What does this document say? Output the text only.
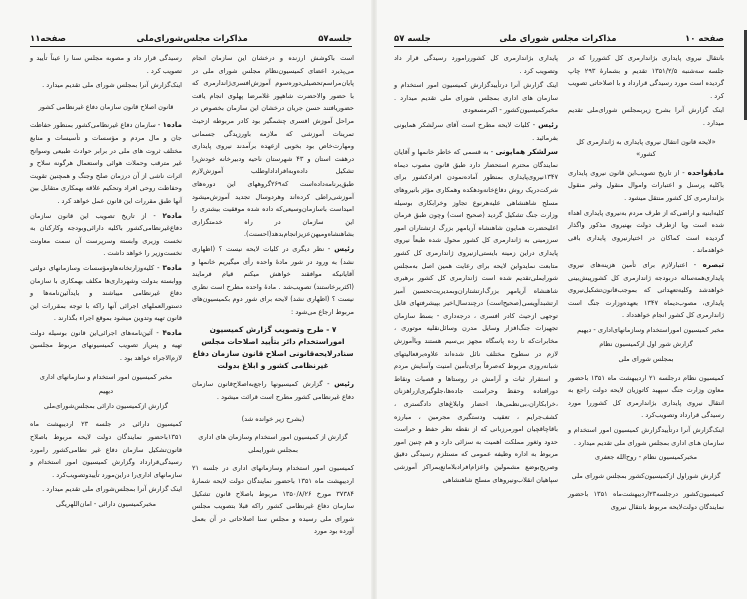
جلسه۵۷
مذاکرات مجلس‌شورای‌ملی
صفحه۱۱

است باکوشش ارزنده و درخشان این سازمان انجام می‌پذیرد اعضای کمیسیون‌نظام مجلس شورای ملی در پایان‌مراسم‌تحصیلی‌دوره‌سوم آموزش‌افسری‌ژاندارمری که با حضور والاحضرت شاهپور غلامرضا پهلوی انجام یافت حضوریافتند حسن جریان درخشان این سازمان بخصوص در مراحل آموزش افسری چشمگیر بود کادر مربوطه ازحیث تمرینات آموزشی که ملازمه باورزیدگی جسمانی ومهارت‌خاص بود بخوبی ازعهده برآمدند نیروی پایداری درهفت استان و ۴۳ شهرستان ناحیه ودبیرخانه خودش‌را تشکیل داده‌وبه‌افراداداوطلب آموزش‌لازم طبق‌برنامه‌داده‌است که۲۶۹گروههای این دوره‌های آموزشی‌راطی کرده‌اند وهردوسال تجدید آموزش‌میشود امیداست باسازمان‌وسیعی‌که داده شده موفقیت بیشتری را این سازمان در راه خدمتگزاری بشاهنشاه‌ومیهن‌عزیزانجام‌بدهد(احسنت).

رئیس - نظر دیگری در کلیات لایحه نیست ؟ (اظهاری نشد) به ورود در شور مادهٔ واحده رأی میگیریم خانمها و آقایانیکه موافقند خواهش میکنم قیام فرمایند (اکثربرخاستند) تصویب‌شد . مادهٔ واحده مطرح است نظری نیست ؟ (اظهاری نشد) لایحه برای شور دوم بکمیسیون‌های مربوط ارجاع می‌شود :

۷ - طرح وتصویب گزارش کمیسیون اموراستخدام دائر بتأیید اصلاحات مجلس سنادرلایحه‌قانونی اصلاح قانون سازمان دفاع غیرنظامی کشور و ابلاغ بدولت

رئیس - گزارش کمیسیونها راجع‌به‌اصلاح‌قانون سازمان دفاع غیرنظامی کشور مطرح است قرائت میشود .

(بشرح زیر خوانده شد)

گزارش از کمیسیون امور استخدام وسازمان های اداری بمجلس شورایملی

کمیسیون امور استخدام وسازمانهای اداری در جلسه ۲۱ اردیبهشت ماه ۱۳۵۱ باحضور نمایندگان دولت لایحه شمارهٔ ۳۷۳۸۴ مورخ ۱۳۵۰/۸/۲۶ مربوط باصلاح قانون تشکیل سازمان دفاع غیرنظامی کشور راکه قبلا بتصویب مجلس شورای ملی رسیده و مجلس سنا اصلاحاتی در آن بعمل آورده بود مورد

رسیدگی قرار داد و مصوبه مجلس سنا را عیناً تأیید و تصویب کرد .

اینک‌گزارش آنرا بمجلس شورای ملی تقدیم میدارد .

قانون اصلاح قانون سازمان دفاع غیرنظامی کشور

ماده۱ - سازمان دفاع غیرنظامی‌کشور بمنظور حفاظت جان و مال مردم و مؤسسات و تأسیسات و منابع مختلف ثروت های ملی در برابر حوادث طبیعی وسوانح غیر مترقب وحملات هوائی واستعمال هرگونه سلاح و اثرات ناشی از آن درزمان صلح وجنگ و همچنین تقویت وحفاظت روحی افراد وتحکیم علاقه بهمکاری متقابل بین آنها طبق مقررات این قانون عمل خواهد کرد .

ماده۲ - از تاریخ تصویب این قانون سازمان دفاع‌غیرنظامی‌کشور باکلیه دارائی‌وبودجه وکارکنان به نخست وزیری وابسته وسرپرست آن سمت معاونت نخست‌وزیر را خواهد داشت .

ماده۳ - کلیه‌وزارتخانه‌هاومؤسسات وسازمانهای دولتی ووابسته بدولت وشهرداری‌ها مکلف بهمکاری با سازمان دفاع غیرنظامی میباشند و باید‌آئین‌نامه‌ها و دستورالعملهای اجرائی آنها راکه با توجه بمقررات این قانون تهیه وتدوین میشود بموقع اجراء بگذارند .

ماده۴ - آئین‌نامه‌های اجرائی‌این قانون بوسیله دولت تهیه و پس‌از تصویب کمیسیونهای مربوط مجلسین لازم‌الاجراء خواهد بود .

مخبر کمیسیون امور استخدام و سازمانهای اداری

دیهیم

گزارش ازکمیسیون دارائی بمجلس‌شورای‌ملی

کمیسیون دارائی در جلسه ۲۳ اردیبهشت ماه ۱۳۵۱باحضور نمایندگان دولت لایحه مربوط باصلاح قانون‌تشکیل سازمان دفاع غیر نظامی‌کشور رامورد رسیدگی‌قرارداد وگزارش کمیسیون امور استخدام و سازمانهای اداری‌را دراین‌مورد تأییدوتصویب‌کرد .

اینک گزارش آنرا بمجلس‌شورای ملی تقدیم میدارد .

مخبرکمیسیون دارائی - امان‌اللهریگی

صفحه ۱۰
مذاکرات مجلس شورای ملی
جلسه ۵۷

بانتقال نیروی پایداری بژاندارمری کل کشوررا که در جلسه سه‌شنبه ۱۳۵۱/۲/۵ تقدیم و بشمارهٔ ۲۹۳ چاپ گردیده است مورد رسیدگی قرارداد و با اصلاحاتی تصویب کرد .

اینک گزارش آنرا بشرح زیربمجلس شورای‌ملی تقدیم میدارد .

«لایحه قانون انتقال نیروی پایداری به ژاندارمری کل کشور»

مادهٔواحده - از تاریخ تصویب‌این قانون نیروی پایداری باکلیه پرسنل و اعتبارات واموال منقول وغیر منقول بژاندارمری کل کشور منتقل میشود .

کلیه‌ابنیه و اراضی‌که از طرف مردم به‌نیروی پایداری اهداء شده است ویا ازطرف دولت بهنیروی مذکور واگذار گردیده است کماکان در اختیارنیروی پایداری باقی خواهدماند .

تبصره - اعتبارلازم برای تأمین هزینه‌های نیروی پایداری‌همه‌ساله دربودجه ژاندارمری کل کشورپیش‌بینی خواهدشد وکلیه‌تعهداتی که بموجب‌قانون‌تشکیل‌نیروی پایداری، مصوب‌دیماه ۱۳۴۷ بعهده‌وزارت جنگ است ژاندارمری کل کشور انجام خواهدداد .

مخبر کمیسیون اموراستخدام وسازمانهای‌اداری - دیهیم

گزارش شور اول ازکمیسیون نظام

بمجلس شورای ملی

کمیسیون نظام درجلسه ۲۱ اردیبهشت ماه ۱۳۵۱ باحضور معاون وزارت جنگ سپهبد کاتوزیان لایحه دولت راجع به انتقال نیروی پایداری بژاندارمری کل کشوررا مورد رسیدگی قرارداد وتصویب‌کرد .

اینک‌گزارش آنرا درتأییدگزارش کمیسیون امور استخدام و سازمان هـای اداری بمجلس شورای ملی تقدیم میدارد .

مخبرکمیسیون نظام - روح‌الله جعفری

گزارش شوراول ازکمیسیون‌کشور بمجلس شورای ملی

کمیسیون‌کشور درجلسه۲۳اردیبهشت‌ماه ۱۳۵۱ باحضور نمایندگان دولت‌لایحه مربوط بانتقال نیروی

پایداری بژاندارمری کل کشوررامورد رسیدگی قرار داد وتصویب کرد .

اینک گزارش آنرا درتأییدگزارش کمیسیون امور استخدام و سازمان های اداری بمجلس شورای ملی تقدیم میدارد . مخبرکمیسیون‌کشور - اکبرمسعودی

رئیس - کلیات لایحه مطرح است آقای سرلشکر همایونی بفرمائید .

سرلشکر همایونی - به قسمی که خاطر خانمها و آقایان نمایندگان محترم استحضار دارد طبق قانون مصوب دیماه ۱۳۴۷نیروی‌پایداری بمنظور آماده‌نمودن افرادکشور برای شرکت‌دریک روش دفاع‌خانه‌ودهکده وهمکاری مؤثر بانیروهای مسلح شاهنشاهی علیه‌هرنوع تجاوز وخرابکاری بوسیله وزارت جنگ تشکیل گردید (صحیح است) وچون طبق فرمان اعلیحضرت همایون شاهنشاه آریامهر بزرگ ارتشتاران امور سرزمینی به ژاندارمری کل کشور محول شده طبعاً نیروی پایداری دراین زمینه بایستی‌ازنیروی ژاندارمری کل کشور متابعت نمایدواین لایحه برای رعایت همین اصل به‌مجلس شورایملی‌تقدیم شده است ژاندارمری کل کشور برهبری شاهنشاه آریامهر بزرگ‌ارتشتاران‌وبمدیریت‌تحسین آمیز ارتشبدآویسی(صحیح‌است) درچندسال‌اخیر بپیشرفتهای قابل توجهی ازحیث کادر افسری ، درجه‌داری - بسط سازمان تجهیزات جنگ‌افزار وسایل مدرن وسائل‌نقلیه موتوری ، مخابرات‌که تا رده پاسگاه مجهز بی‌سیم هستند وباآموزش لازم در سطوح مختلف نائل شده‌اند علاوه‌برفعالیتهای شبانه‌روزی مربوط که‌صرفاً برای‌تأمین امنیت وآسایش مردم و استقرار ثبات و آرامش در روستاها و قصبات ونقاط دورافتاده وحفظ وحراست جاده‌ها،جلوگیری‌ازراهزنان ،خرابکاران،بی‌نظمی‌ها، احضار وابلاغ‌های دادگستری ، کشف‌جرایم ، تعقیب ودستگیری مجرمین ، مبارزه باقاچاقچیان امورمرزبانی که از نقطه نظر حفظ و حراست حدود وثغور مملکت اهمیت به سزائی دارد و هم چنین امور مربوط به اداره وظیفه عمومی که مستلزم رسیدگی دقیق وصریح‌بوضع مشمولین واعزام‌افرادبلامانع‌بمراکز آموزشی سپاهیان انقلاب‌ونیروهای مسلح شاهنشاهی
